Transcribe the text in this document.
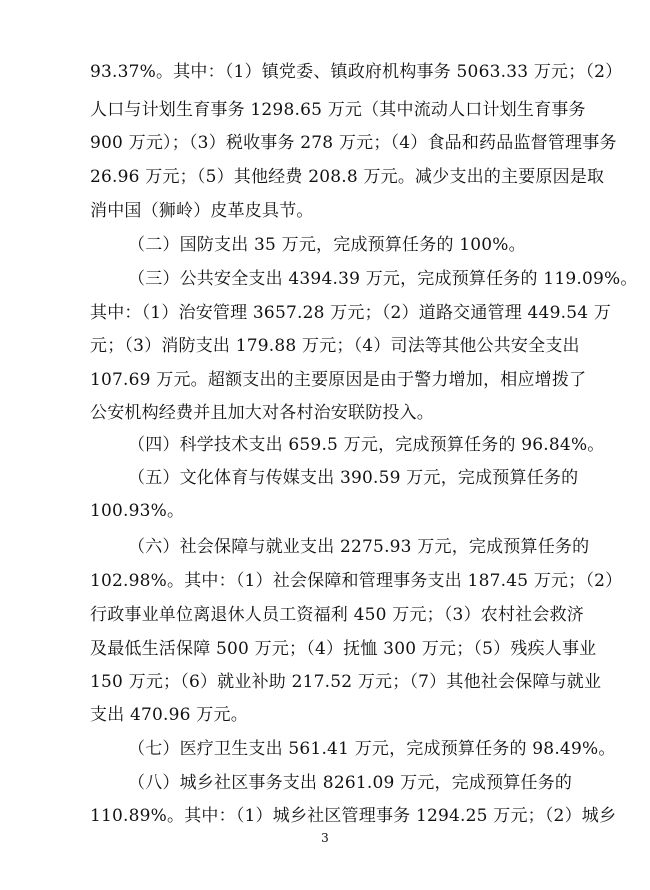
93.37%。其中：（1）镇党委、镇政府机构事务 5063.33 万元；（2）
人口与计划生育事务 1298.65 万元（其中流动人口计划生育事务
900 万元）；（3）税收事务 278 万元；（4）食品和药品监督管理事务
26.96 万元；（5）其他经费 208.8 万元。减少支出的主要原因是取
消中国（狮岭）皮革皮具节。
（二）国防支出 35 万元，完成预算任务的 100%。
（三）公共安全支出 4394.39 万元，完成预算任务的 119.09%。
其中：（1）治安管理 3657.28 万元；（2）道路交通管理 449.54 万
元；（3）消防支出 179.88 万元；（4）司法等其他公共安全支出
107.69 万元。超额支出的主要原因是由于警力增加，相应增拨了
公安机构经费并且加大对各村治安联防投入。
（四）科学技术支出 659.5 万元，完成预算任务的 96.84%。
（五）文化体育与传媒支出 390.59 万元，完成预算任务的
100.93%。
（六）社会保障与就业支出 2275.93 万元，完成预算任务的
102.98%。其中：（1）社会保障和管理事务支出 187.45 万元；（2）
行政事业单位离退休人员工资福利 450 万元；（3）农村社会救济
及最低生活保障 500 万元；（4）抚恤 300 万元；（5）残疾人事业
150 万元；（6）就业补助 217.52 万元；（7）其他社会保障与就业
支出 470.96 万元。
（七）医疗卫生支出 561.41 万元，完成预算任务的 98.49%。
（八）城乡社区事务支出 8261.09 万元，完成预算任务的
110.89%。其中：（1）城乡社区管理事务 1294.25 万元；（2）城乡
3
